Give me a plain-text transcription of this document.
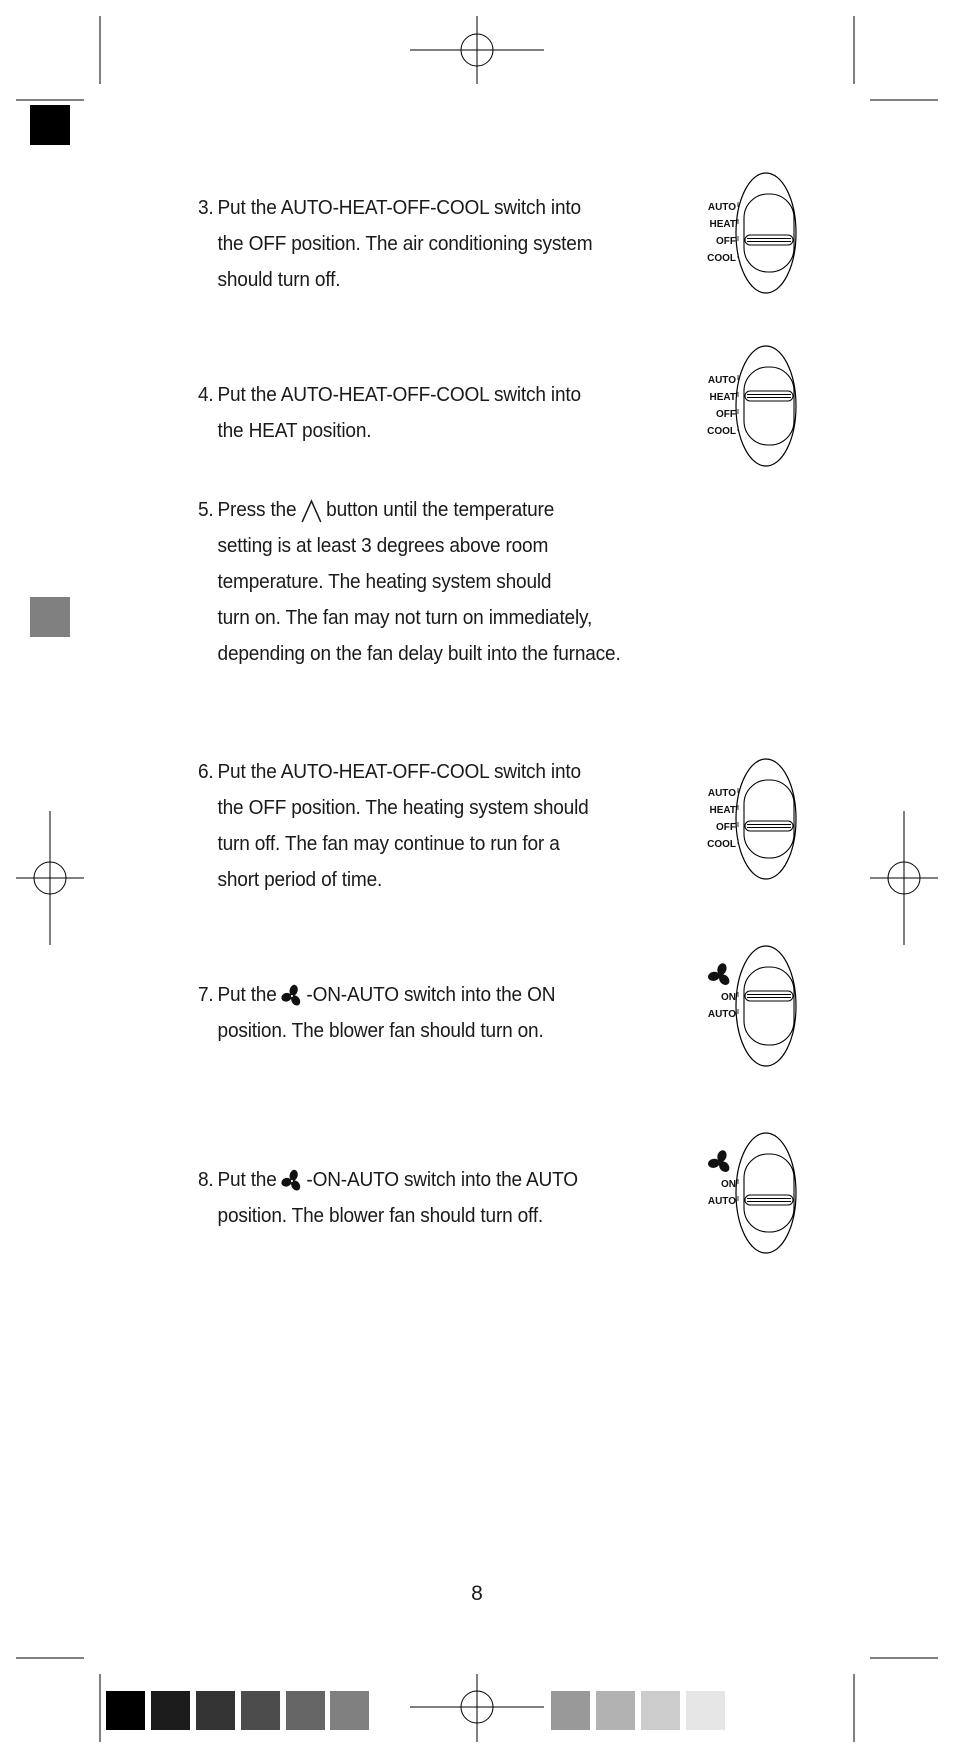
3. Put the AUTO-HEAT-OFF-COOL switch into
the OFF position. The air conditioning system
should turn off.
AUTO
HEAT
OFF
COOL
4. Put the AUTO-HEAT-OFF-COOL switch into
the HEAT position.
AUTO
HEAT
OFF
COOL
5. Press the button until the temperature
setting is at least 3 degrees above room
temperature. The heating system should
turn on. The fan may not turn on immediately,
depending on the fan delay built into the furnace.
6. Put the AUTO-HEAT-OFF-COOL switch into
the OFF position. The heating system should
turn off. The fan may continue to run for a
short period of time.
AUTO
HEAT
OFF
COOL
7. Put the -ON-AUTO switch into the ON
position. The blower fan should turn on.
ON
AUTO
8. Put the -ON-AUTO switch into the AUTO
position. The blower fan should turn off.
ON
AUTO
8
